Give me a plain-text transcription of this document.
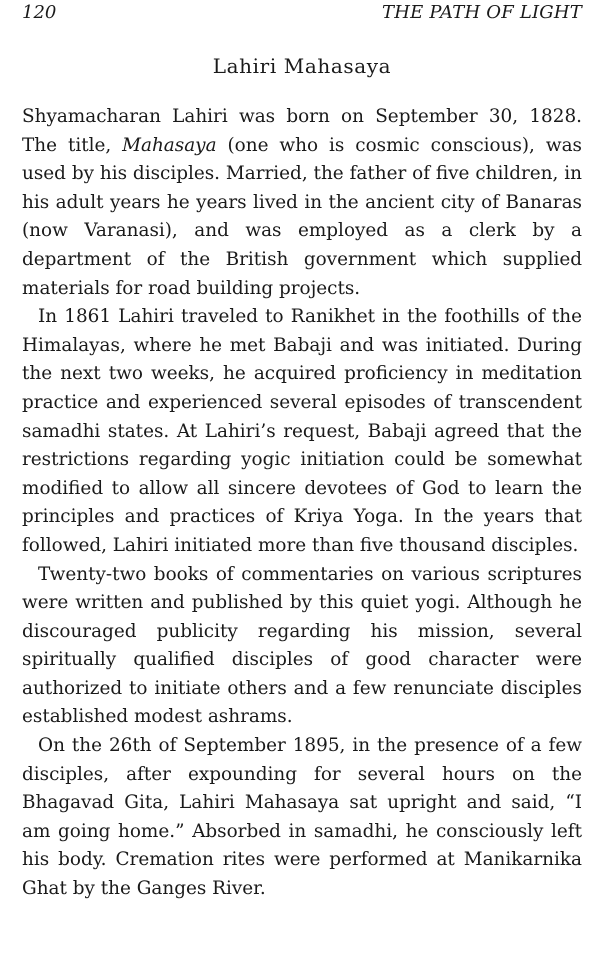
120	THE PATH OF LIGHT
Lahiri Mahasaya

Shyamacharan Lahiri was born on September 30, 1828. The title, Mahasaya (one who is cosmic conscious), was used by his disciples. Married, the father of five children, in his adult years he years lived in the ancient city of Banaras (now Varanasi), and was employed as a clerk by a department of the British government which supplied materials for road building projects.

In 1861 Lahiri traveled to Ranikhet in the foothills of the Himalayas, where he met Babaji and was initiated. During the next two weeks, he acquired proficiency in meditation practice and experienced several episodes of transcendent samadhi states. At Lahiri’s request, Babaji agreed that the restrictions regarding yogic initiation could be somewhat modified to allow all sincere devotees of God to learn the principles and practices of Kriya Yoga. In the years that followed, Lahiri initiated more than five thousand disciples.

Twenty-two books of commentaries on various scriptures were written and published by this quiet yogi. Although he discouraged publicity regarding his mission, several spiritually qualified disciples of good character were authorized to initiate others and a few renunciate disciples established modest ashrams.

On the 26th of September 1895, in the presence of a few disciples, after expounding for several hours on the Bhagavad Gita, Lahiri Mahasaya sat upright and said, “I am going home.” Absorbed in samadhi, he consciously left his body. Cremation rites were performed at Manikarnika Ghat by the Ganges River.
